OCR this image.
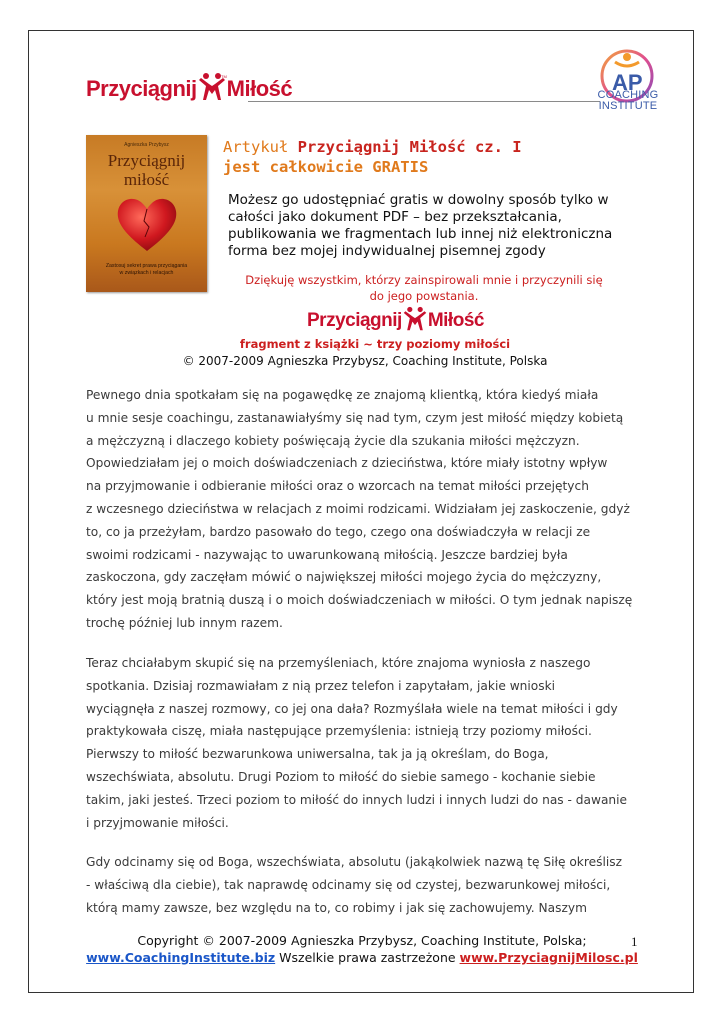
Przyciągnij	TM Miłość	AP
COACHING
INSTITUTE
Agnieszka Przybysz
Przyciągnij
miłość
Zastosuj sekret prawa przyciągania
w związkach i relacjach
Artykuł Przyciągnij Miłość cz. I
jest całkowicie GRATIS
Możesz go udostępniać gratis w dowolny sposób tylko w
całości jako dokument PDF – bez przekształcania,
publikowania we fragmentach lub innej niż elektroniczna
forma bez mojej indywidualnej pisemnej zgody
Dziękuję wszystkim, którzy zainspirowali mnie i przyczynili się
do jego powstania.
Przyciągnij Miłość
fragment z książki ~ trzy poziomy miłości
© 2007-2009 Agnieszka Przybysz, Coaching Institute, Polska
Pewnego dnia spotkałam się na pogawędkę ze znajomą klientką, która kiedyś miała
u mnie sesje coachingu, zastanawiałyśmy się nad tym, czym jest miłość między kobietą
a mężczyzną i dlaczego kobiety poświęcają życie dla szukania miłości mężczyzn.
Opowiedziałam jej o moich doświadczeniach z dzieciństwa, które miały istotny wpływ
na przyjmowanie i odbieranie miłości oraz o wzorcach na temat miłości przejętych
z wczesnego dzieciństwa w relacjach z moimi rodzicami. Widziałam jej zaskoczenie, gdyż
to, co ja przeżyłam, bardzo pasowało do tego, czego ona doświadczyła w relacji ze
swoimi rodzicami - nazywając to uwarunkowaną miłością. Jeszcze bardziej była
zaskoczona, gdy zaczęłam mówić o największej miłości mojego życia do mężczyzny,
który jest moją bratnią duszą i o moich doświadczeniach w miłości. O tym jednak napiszę
trochę później lub innym razem.
Teraz chciałabym skupić się na przemyśleniach, które znajoma wyniosła z naszego
spotkania. Dzisiaj rozmawiałam z nią przez telefon i zapytałam, jakie wnioski
wyciągnęła z naszej rozmowy, co jej ona dała? Rozmyślała wiele na temat miłości i gdy
praktykowała ciszę, miała następujące przemyślenia: istnieją trzy poziomy miłości.
Pierwszy to miłość bezwarunkowa uniwersalna, tak ja ją określam, do Boga,
wszechświata, absolutu. Drugi Poziom to miłość do siebie samego - kochanie siebie
takim, jaki jesteś. Trzeci poziom to miłość do innych ludzi i innych ludzi do nas - dawanie
i przyjmowanie miłości.
Gdy odcinamy się od Boga, wszechświata, absolutu (jakąkolwiek nazwą tę Siłę określisz
- właściwą dla ciebie), tak naprawdę odcinamy się od czystej, bezwarunkowej miłości,
którą mamy zawsze, bez względu na to, co robimy i jak się zachowujemy. Naszym
Copyright © 2007-2009 Agnieszka Przybysz, Coaching Institute, Polska;
www.CoachingInstitute.biz Wszelkie prawa zastrzeżone www.PrzyciagnijMilosc.pl
1
